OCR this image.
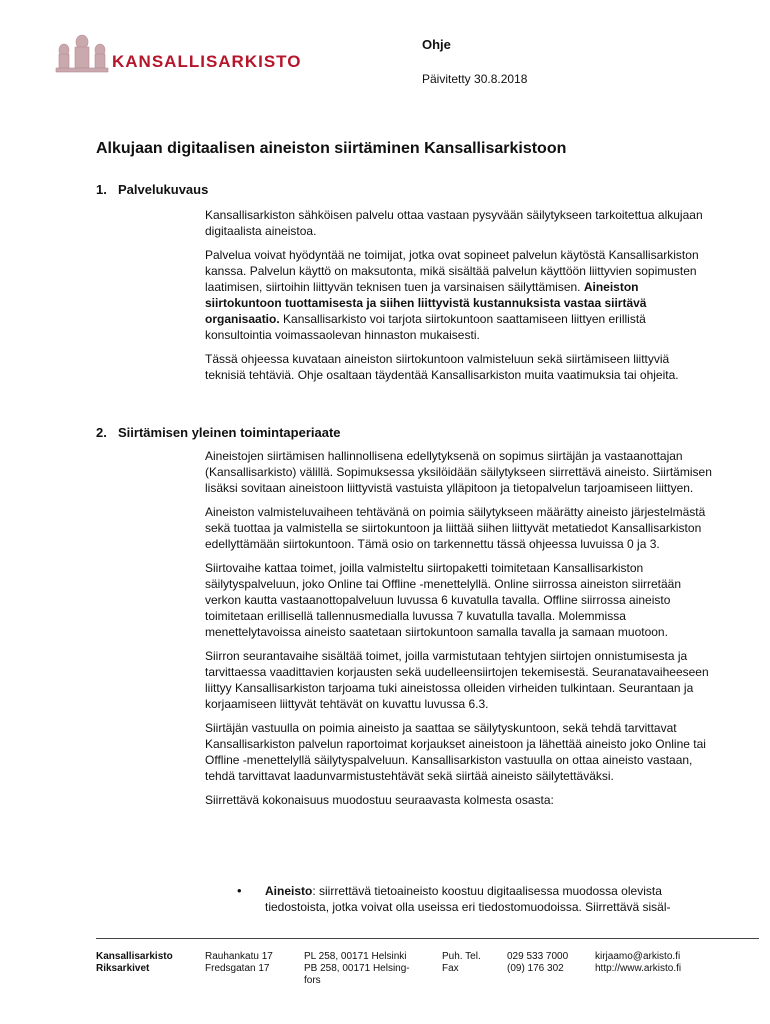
KANSALLISARKISTO
Ohje
Päivitetty 30.8.2018
Alkujaan digitaalisen aineiston siirtäminen Kansallisarkistoon
1. Palvelukuvaus

Kansallisarkiston sähköisen palvelu ottaa vastaan pysyvään säilytykseen tarkoitettua alkujaan digitaalista aineistoa.

Palvelua voivat hyödyntää ne toimijat, jotka ovat sopineet palvelun käytöstä Kansallisarkiston kanssa. Palvelun käyttö on maksutonta, mikä sisältää palvelun käyttöön liittyvien sopimusten laatimisen, siirtoihin liittyvän teknisen tuen ja varsinaisen säilyttämisen. Aineiston siirtokuntoon tuottamisesta ja siihen liittyvistä kustannuksista vastaa siirtävä organisaatio. Kansallisarkisto voi tarjota siirtokuntoon saattamiseen liittyen erillistä konsultointia voimassaolevan hinnaston mukaisesti.

Tässä ohjeessa kuvataan aineiston siirtokuntoon valmisteluun sekä siirtämiseen liittyviä teknisiä tehtäviä. Ohje osaltaan täydentää Kansallisarkiston muita vaatimuksia tai ohjeita.

2. Siirtämisen yleinen toimintaperiaate

Aineistojen siirtämisen hallinnollisena edellytyksenä on sopimus siirtäjän ja vastaanottajan (Kansallisarkisto) välillä. Sopimuksessa yksilöidään säilytykseen siirrettävä aineisto. Siirtämisen lisäksi sovitaan aineistoon liittyvistä vastuista ylläpitoon ja tietopalvelun tarjoamiseen liittyen.

Aineiston valmisteluvaiheen tehtävänä on poimia säilytykseen määrätty aineisto järjestelmästä sekä tuottaa ja valmistella se siirtokuntoon ja liittää siihen liittyvät metatiedot Kansallisarkiston edellyttämään siirtokuntoon. Tämä osio on tarkennettu tässä ohjeessa luvuissa 0 ja 3.

Siirtovaihe kattaa toimet, joilla valmisteltu siirtopaketti toimitetaan Kansallisarkiston säilytyspalveluun, joko Online tai Offline -menettelyllä. Online siirrossa aineiston siirretään verkon kautta vastaanottopalveluun luvussa 6 kuvatulla tavalla. Offline siirrossa aineisto toimitetaan erillisellä tallennusmedialla luvussa 7 kuvatulla tavalla. Molemmissa menettelytavoissa aineisto saatetaan siirtokuntoon samalla tavalla ja samaan muotoon.

Siirron seurantavaihe sisältää toimet, joilla varmistutaan tehtyjen siirtojen onnistumisesta ja tarvittaessa vaadittavien korjausten sekä uudelleensiirtojen tekemisestä. Seuranatavaiheeseen liittyy Kansallisarkiston tarjoama tuki aineistossa olleiden virheiden tulkintaan. Seurantaan ja korjaamiseen liittyvät tehtävät on kuvattu luvussa 6.3.

Siirtäjän vastuulla on poimia aineisto ja saattaa se säilytyskuntoon, sekä tehdä tarvittavat Kansallisarkiston palvelun raportoimat korjaukset aineistoon ja lähettää aineisto joko Online tai Offline -menettelyllä säilytyspalveluun. Kansallisarkiston vastuulla on ottaa aineisto vastaan, tehdä tarvittavat laadunvarmistustehtävät sekä siirtää aineisto säilytettäväksi.

Siirrettävä kokonaisuus muodostuu seuraavasta kolmesta osasta:

• Aineisto: siirrettävä tietoaineisto koostuu digitaalisessa muodossa olevista tiedostoista, jotka voivat olla useissa eri tiedostomuodoissa. Siirrettävä sisäl-
Kansallisarkisto
Riksarkivet
Rauhankatu 17
Fredsgatan 17
PL 258, 00171 Helsinki
PB 258, 00171 Helsing-
fors
Puh. Tel.
Fax
029 533 7000
(09) 176 302
kirjaamo@arkisto.fi
http://www.arkisto.fi
